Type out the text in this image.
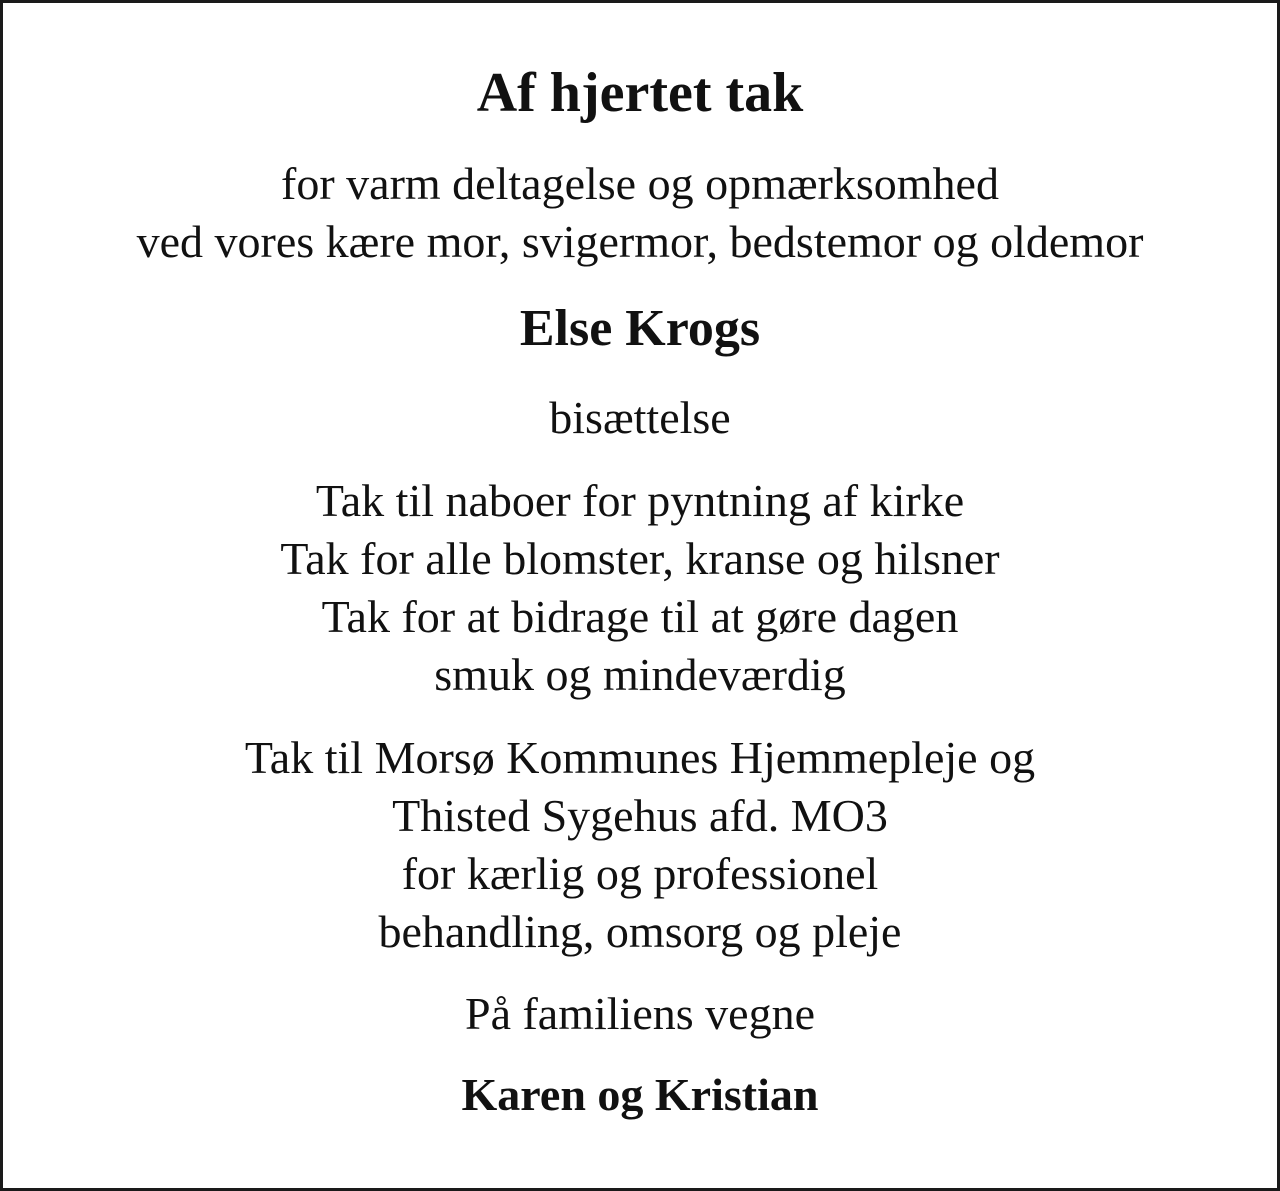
Af hjertet tak
for varm deltagelse og opmærksomhed
ved vores kære mor, svigermor, bedstemor og oldemor
Else Krogs
bisættelse
Tak til naboer for pyntning af kirke
Tak for alle blomster, kranse og hilsner
Tak for at bidrage til at gøre dagen
smuk og mindeværdig
Tak til Morsø Kommunes Hjemmepleje og
Thisted Sygehus afd. MO3
for kærlig og professionel
behandling, omsorg og pleje
På familiens vegne
Karen og Kristian
